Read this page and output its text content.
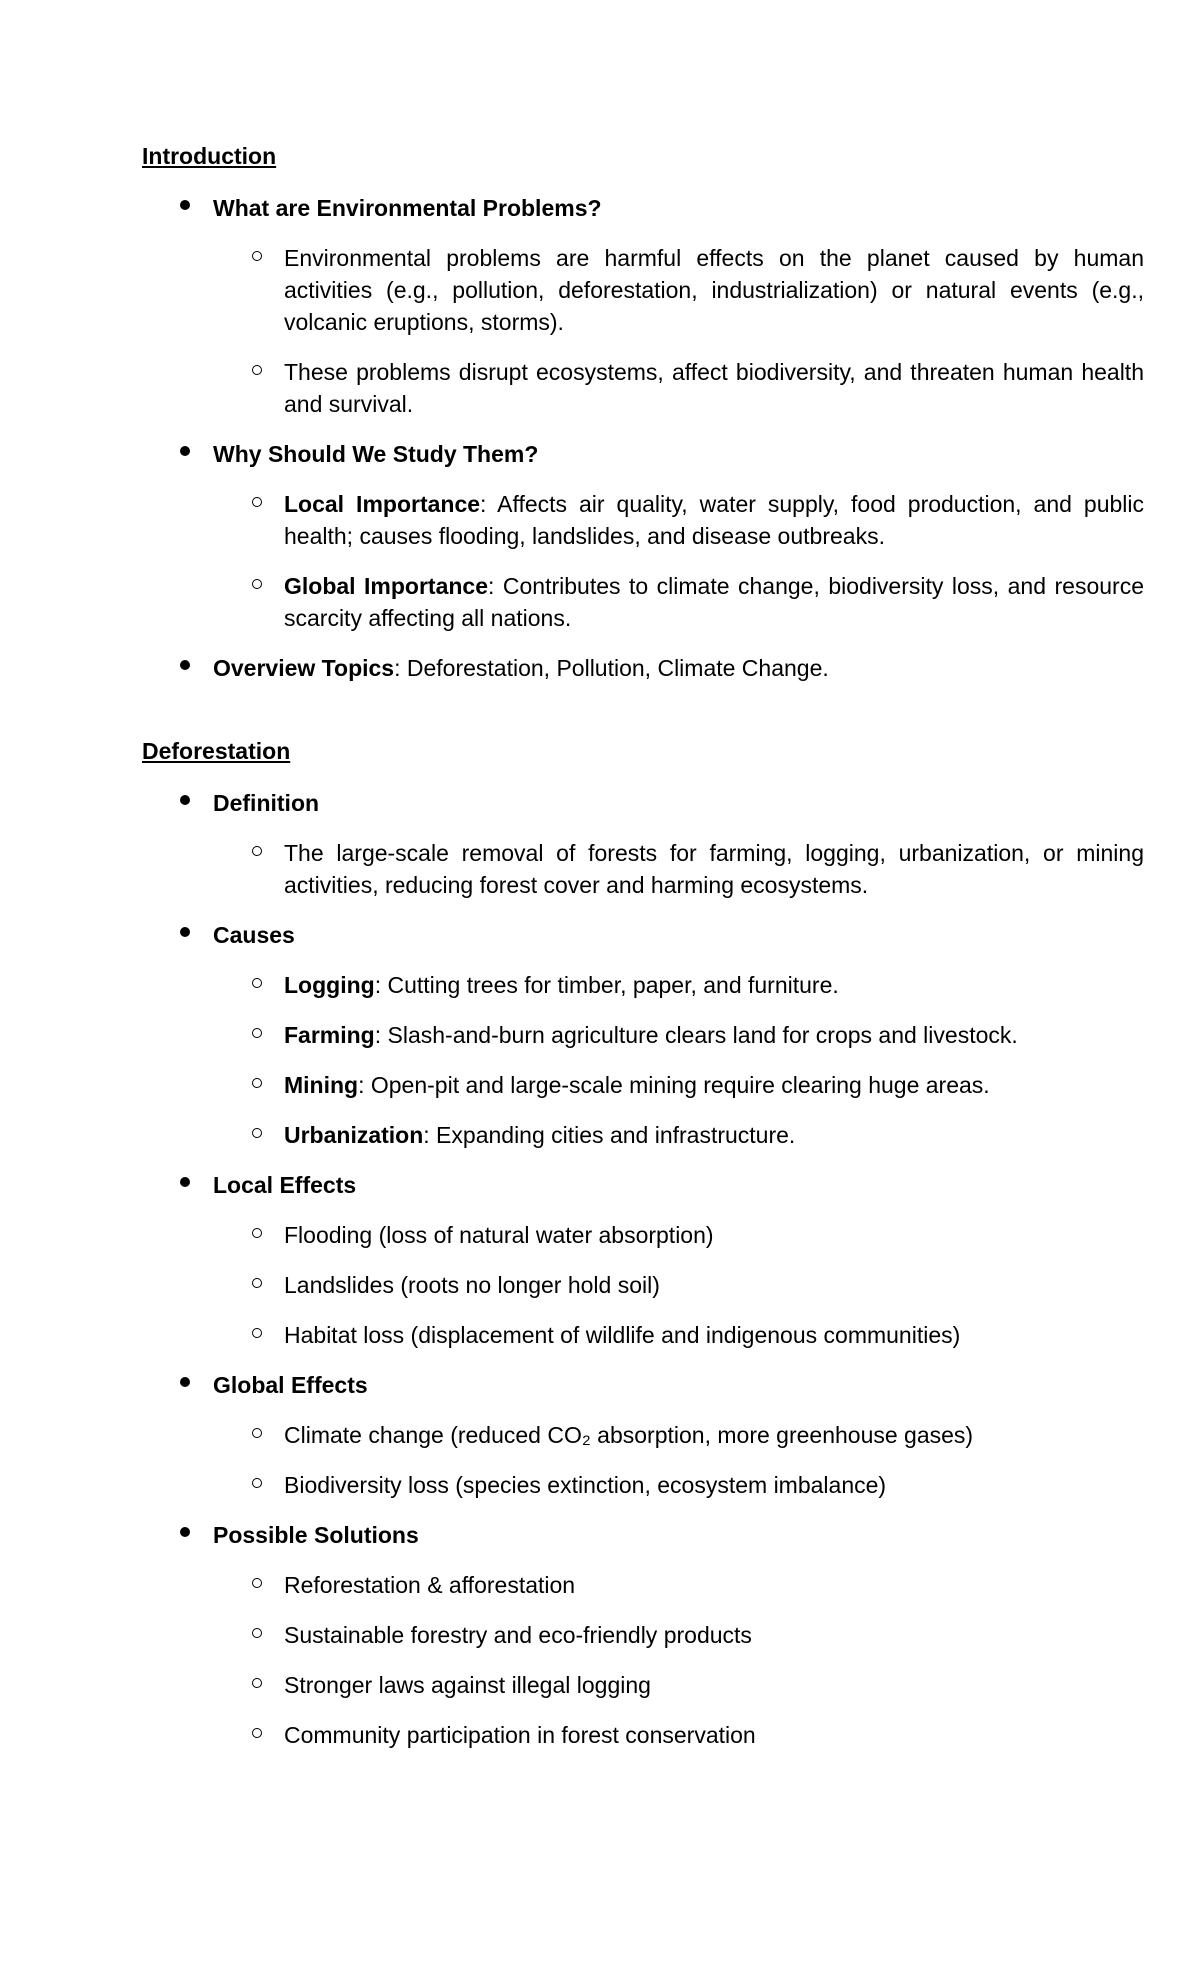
Introduction
What are Environmental Problems?
Environmental problems are harmful effects on the planet caused by human activities (e.g., pollution, deforestation, industrialization) or natural events (e.g., volcanic eruptions, storms).
These problems disrupt ecosystems, affect biodiversity, and threaten human health and survival.
Why Should We Study Them?
Local Importance: Affects air quality, water supply, food production, and public health; causes flooding, landslides, and disease outbreaks.
Global Importance: Contributes to climate change, biodiversity loss, and resource scarcity affecting all nations.
Overview Topics: Deforestation, Pollution, Climate Change.
Deforestation
Definition
The large-scale removal of forests for farming, logging, urbanization, or mining activities, reducing forest cover and harming ecosystems.
Causes
Logging: Cutting trees for timber, paper, and furniture.
Farming: Slash-and-burn agriculture clears land for crops and livestock.
Mining: Open-pit and large-scale mining require clearing huge areas.
Urbanization: Expanding cities and infrastructure.
Local Effects
Flooding (loss of natural water absorption)
Landslides (roots no longer hold soil)
Habitat loss (displacement of wildlife and indigenous communities)
Global Effects
Climate change (reduced CO₂ absorption, more greenhouse gases)
Biodiversity loss (species extinction, ecosystem imbalance)
Possible Solutions
Reforestation & afforestation
Sustainable forestry and eco-friendly products
Stronger laws against illegal logging
Community participation in forest conservation
